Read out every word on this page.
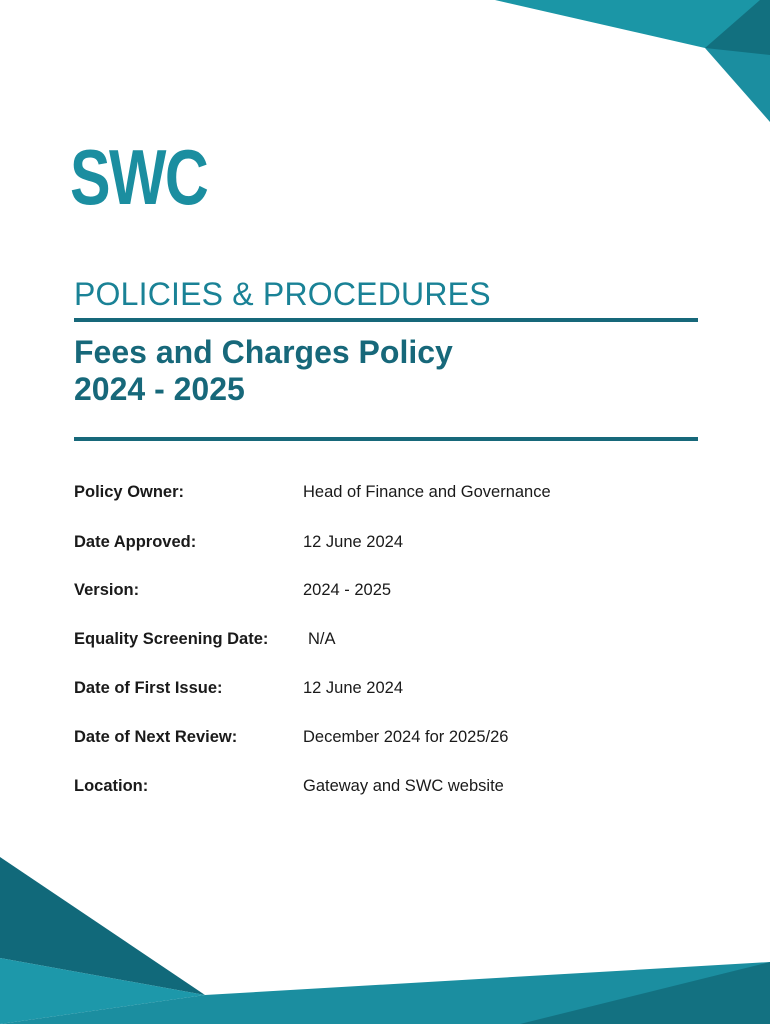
SWC
POLICIES & PROCEDURES
Fees and Charges Policy
2024 - 2025
Policy Owner:	Head of Finance and Governance
Date Approved:	12 June 2024
Version:	2024 - 2025
Equality Screening Date: N/A
Date of First Issue:	12 June 2024
Date of Next Review:	December 2024 for 2025/26
Location:	Gateway and SWC website
